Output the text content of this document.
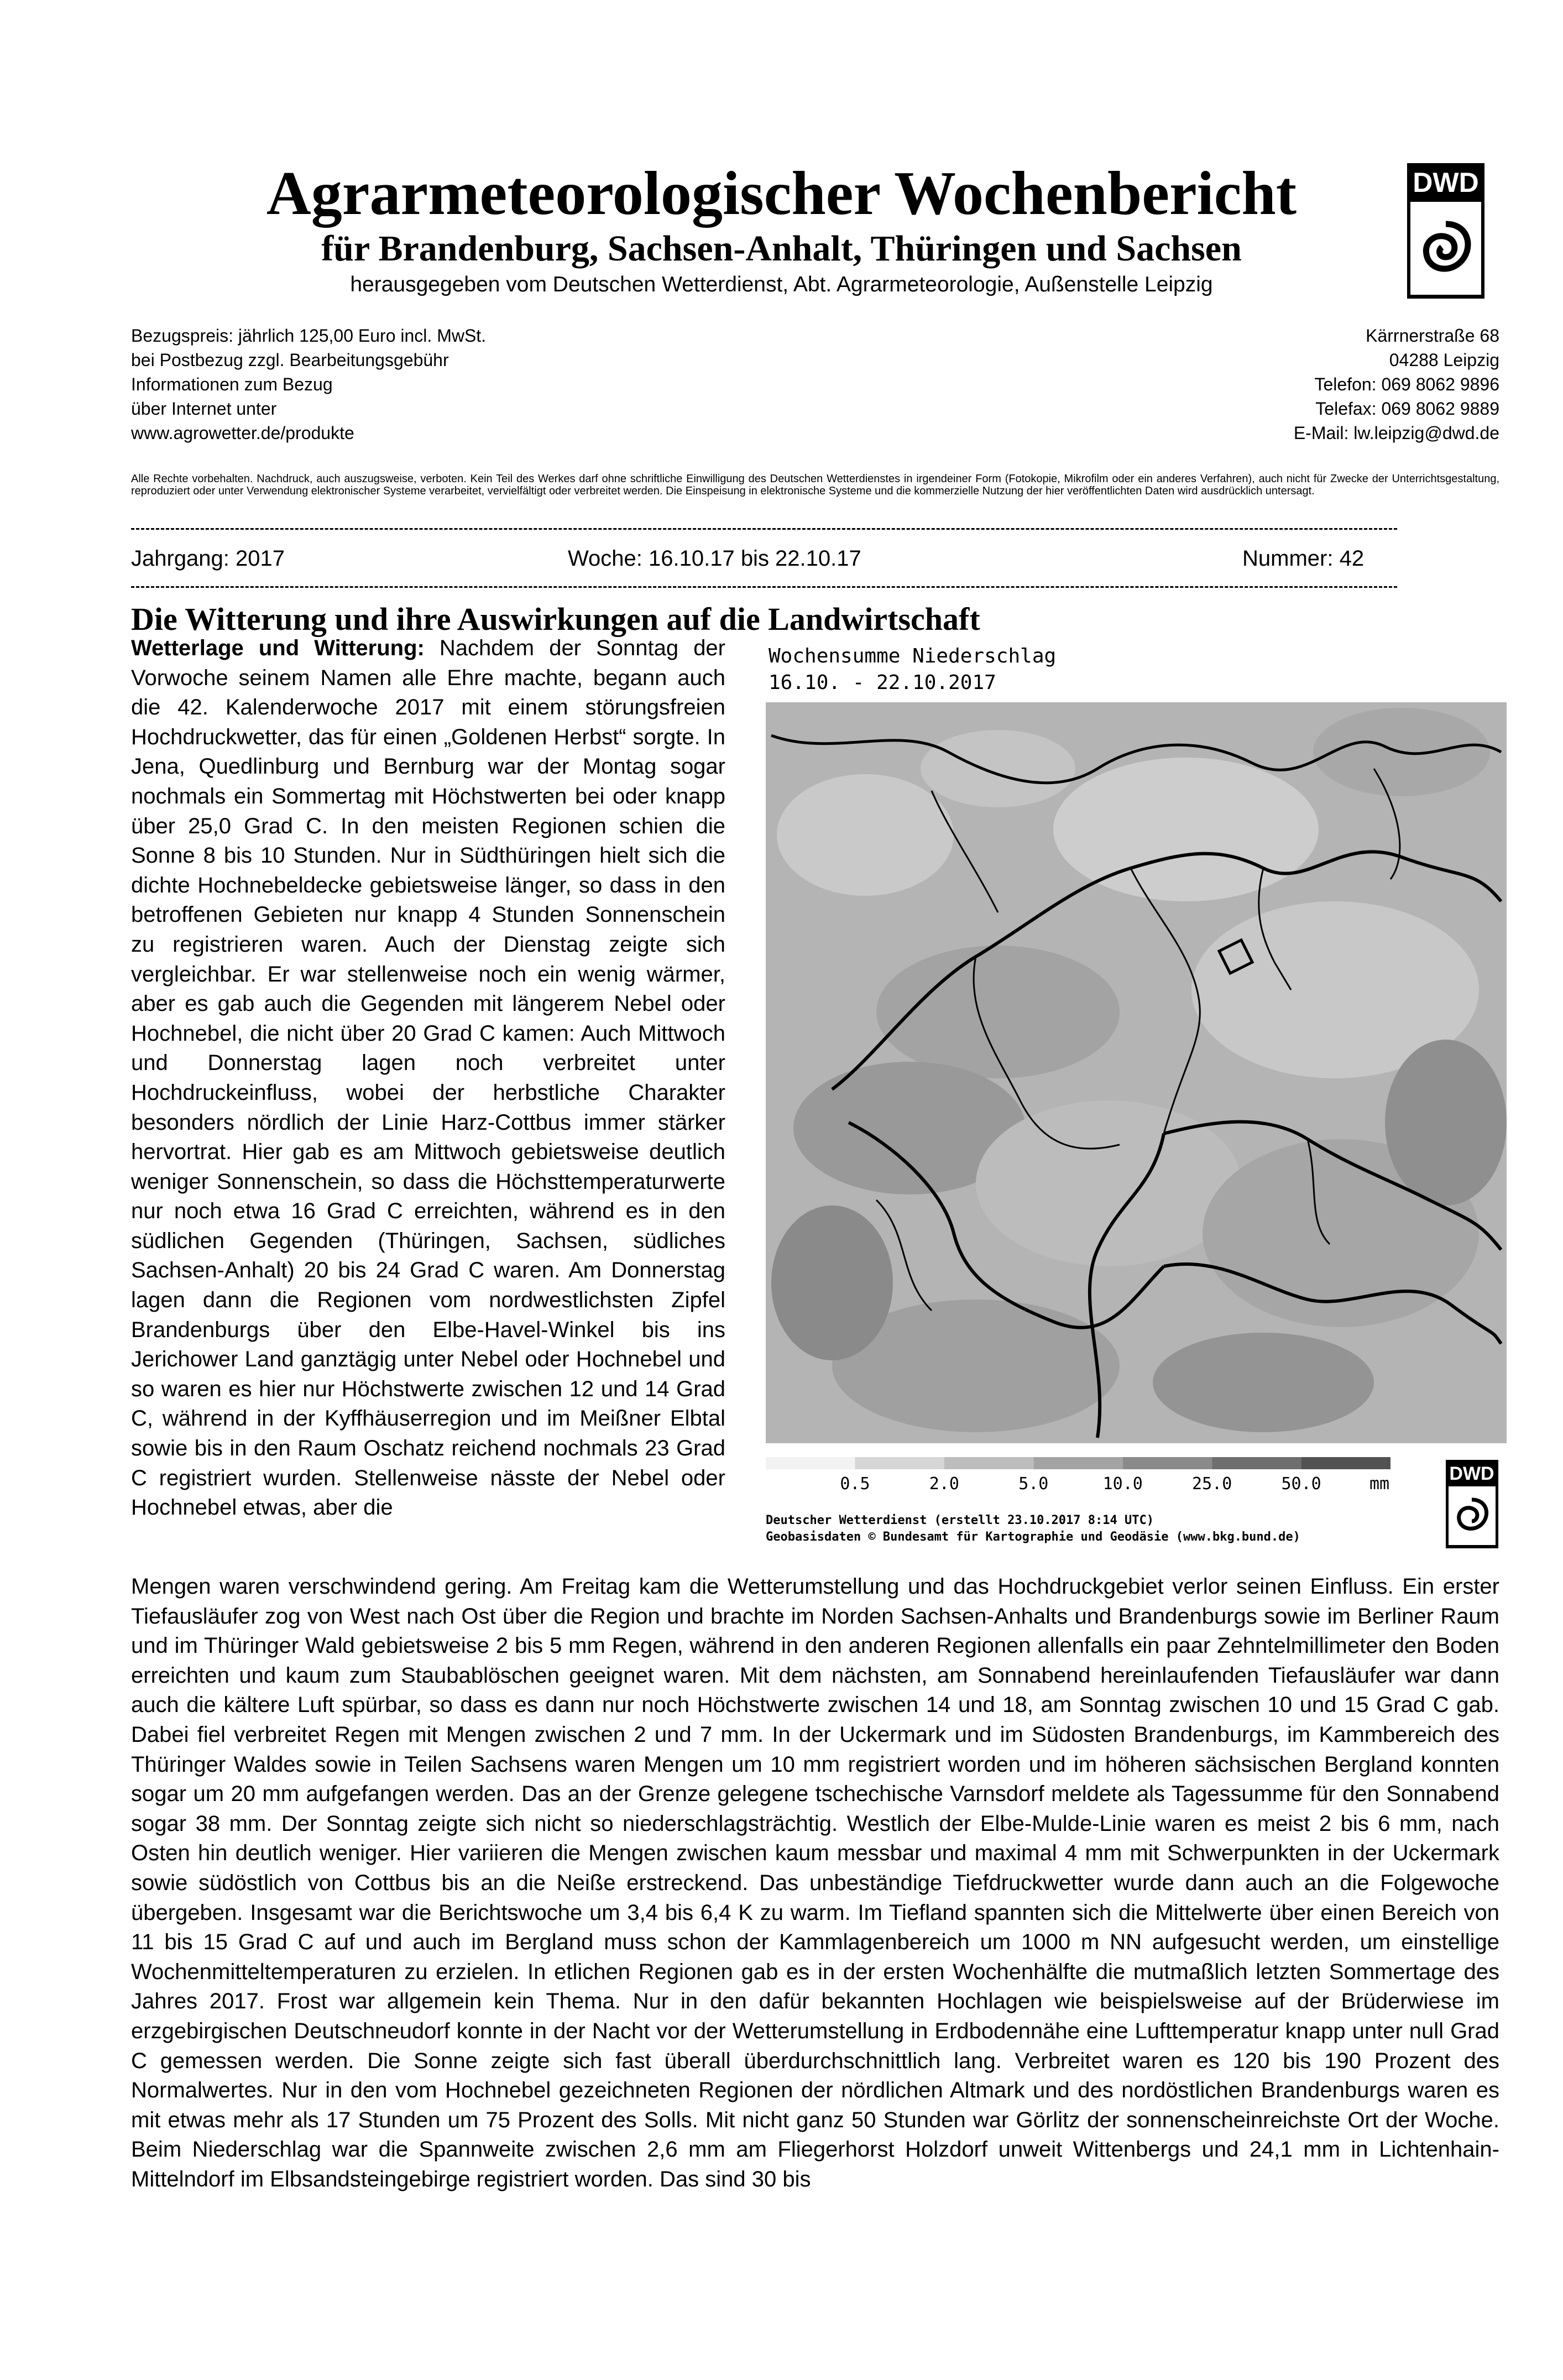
Agrarmeteorologischer Wochenbericht
für Brandenburg, Sachsen-Anhalt, Thüringen und Sachsen
herausgegeben vom Deutschen Wetterdienst, Abt. Agrarmeteorologie, Außenstelle Leipzig
DWD
Bezugspreis: jährlich 125,00 Euro incl. MwSt.
bei Postbezug zzgl. Bearbeitungsgebühr
Informationen zum Bezug
über Internet unter
www.agrowetter.de/produkte
Kärrnerstraße 68
04288 Leipzig
Telefon: 069 8062 9896
Telefax: 069 8062 9889
E-Mail: lw.leipzig@dwd.de
Alle Rechte vorbehalten. Nachdruck, auch auszugsweise, verboten. Kein Teil des Werkes darf ohne schriftliche Einwilligung des Deutschen Wetterdienstes in irgendeiner Form (Fotokopie, Mikrofilm oder ein anderes Verfahren), auch nicht für Zwecke der Unterrichtsgestaltung, reproduziert oder unter Verwendung elektronischer Systeme verarbeitet, vervielfältigt oder verbreitet werden. Die Einspeisung in elektronische Systeme und die kommerzielle Nutzung der hier veröffentlichten Daten wird ausdrücklich untersagt.
Jahrgang: 2017	Woche: 16.10.17 bis 22.10.17	Nummer: 42
Die Witterung und ihre Auswirkungen auf die Landwirtschaft
Wetterlage und Witterung: Nachdem der Sonntag der Vorwoche seinem Namen alle Ehre machte, begann auch die 42. Kalenderwoche 2017 mit einem störungsfreien Hochdruckwetter, das für einen „Goldenen Herbst“ sorgte. In Jena, Quedlinburg und Bernburg war der Montag sogar nochmals ein Sommertag mit Höchstwerten bei oder knapp über 25,0 Grad C. In den meisten Regionen schien die Sonne 8 bis 10 Stunden. Nur in Südthüringen hielt sich die dichte Hochnebeldecke gebietsweise länger, so dass in den betroffenen Gebieten nur knapp 4 Stunden Sonnenschein zu registrieren waren. Auch der Dienstag zeigte sich vergleichbar. Er war stellenweise noch ein wenig wärmer, aber es gab auch die Gegenden mit längerem Nebel oder Hochnebel, die nicht über 20 Grad C kamen: Auch Mittwoch und Donnerstag lagen noch verbreitet unter Hochdruckeinfluss, wobei der herbstliche Charakter besonders nördlich der Linie Harz-Cottbus immer stärker hervortrat. Hier gab es am Mittwoch gebietsweise deutlich weniger Sonnenschein, so dass die Höchsttemperaturwerte nur noch etwa 16 Grad C erreichten, während es in den südlichen Gegenden (Thüringen, Sachsen, südliches Sachsen-Anhalt) 20 bis 24 Grad C waren. Am Donnerstag lagen dann die Regionen vom nordwestlichsten Zipfel Brandenburgs über den Elbe-Havel-Winkel bis ins Jerichower Land ganztägig unter Nebel oder Hochnebel und so waren es hier nur Höchstwerte zwischen 12 und 14 Grad C, während in der Kyffhäuserregion und im Meißner Elbtal sowie bis in den Raum Oschatz reichend nochmals 23 Grad C registriert wurden. Stellenweise nässte der Nebel oder Hochnebel etwas, aber die
Wochensumme Niederschlag
16.10. - 22.10.2017
0.5	2.0	5.0	10.0	25.0	50.0	mm
Deutscher Wetterdienst (erstellt 23.10.2017 8:14 UTC)
Geobasisdaten © Bundesamt für Kartographie und Geodäsie (www.bkg.bund.de)
DWD
Mengen waren verschwindend gering. Am Freitag kam die Wetterumstellung und das Hochdruckgebiet verlor seinen Einfluss. Ein erster Tiefausläufer zog von West nach Ost über die Region und brachte im Norden Sachsen-Anhalts und Brandenburgs sowie im Berliner Raum und im Thüringer Wald gebietsweise 2 bis 5 mm Regen, während in den anderen Regionen allenfalls ein paar Zehntelmillimeter den Boden erreichten und kaum zum Staubablöschen geeignet waren. Mit dem nächsten, am Sonnabend hereinlaufenden Tiefausläufer war dann auch die kältere Luft spürbar, so dass es dann nur noch Höchstwerte zwischen 14 und 18, am Sonntag zwischen 10 und 15 Grad C gab. Dabei fiel verbreitet Regen mit Mengen zwischen 2 und 7 mm. In der Uckermark und im Südosten Brandenburgs, im Kammbereich des Thüringer Waldes sowie in Teilen Sachsens waren Mengen um 10 mm registriert worden und im höheren sächsischen Bergland konnten sogar um 20 mm aufgefangen werden. Das an der Grenze gelegene tschechische Varnsdorf meldete als Tagessumme für den Sonnabend sogar 38 mm. Der Sonntag zeigte sich nicht so niederschlagsträchtig. Westlich der Elbe-Mulde-Linie waren es meist 2 bis 6 mm, nach Osten hin deutlich weniger. Hier variieren die Mengen zwischen kaum messbar und maximal 4 mm mit Schwerpunkten in der Uckermark sowie südöstlich von Cottbus bis an die Neiße erstreckend. Das unbeständige Tiefdruckwetter wurde dann auch an die Folgewoche übergeben. Insgesamt war die Berichtswoche um 3,4 bis 6,4 K zu warm. Im Tiefland spannten sich die Mittelwerte über einen Bereich von 11 bis 15 Grad C auf und auch im Bergland muss schon der Kammlagenbereich um 1000 m NN aufgesucht werden, um einstellige Wochenmitteltemperaturen zu erzielen. In etlichen Regionen gab es in der ersten Wochenhälfte die mutmaßlich letzten Sommertage des Jahres 2017. Frost war allgemein kein Thema. Nur in den dafür bekannten Hochlagen wie beispielsweise auf der Brüderwiese im erzgebirgischen Deutschneudorf konnte in der Nacht vor der Wetterumstellung in Erdbodennähe eine Lufttemperatur knapp unter null Grad C gemessen werden. Die Sonne zeigte sich fast überall überdurchschnittlich lang. Verbreitet waren es 120 bis 190 Prozent des Normalwertes. Nur in den vom Hochnebel gezeichneten Regionen der nördlichen Altmark und des nordöstlichen Brandenburgs waren es mit etwas mehr als 17 Stunden um 75 Prozent des Solls. Mit nicht ganz 50 Stunden war Görlitz der sonnenscheinreichste Ort der Woche. Beim Niederschlag war die Spannweite zwischen 2,6 mm am Fliegerhorst Holzdorf unweit Wittenbergs und 24,1 mm in Lichtenhain-Mittelndorf im Elbsandsteingebirge registriert worden. Das sind 30 bis
